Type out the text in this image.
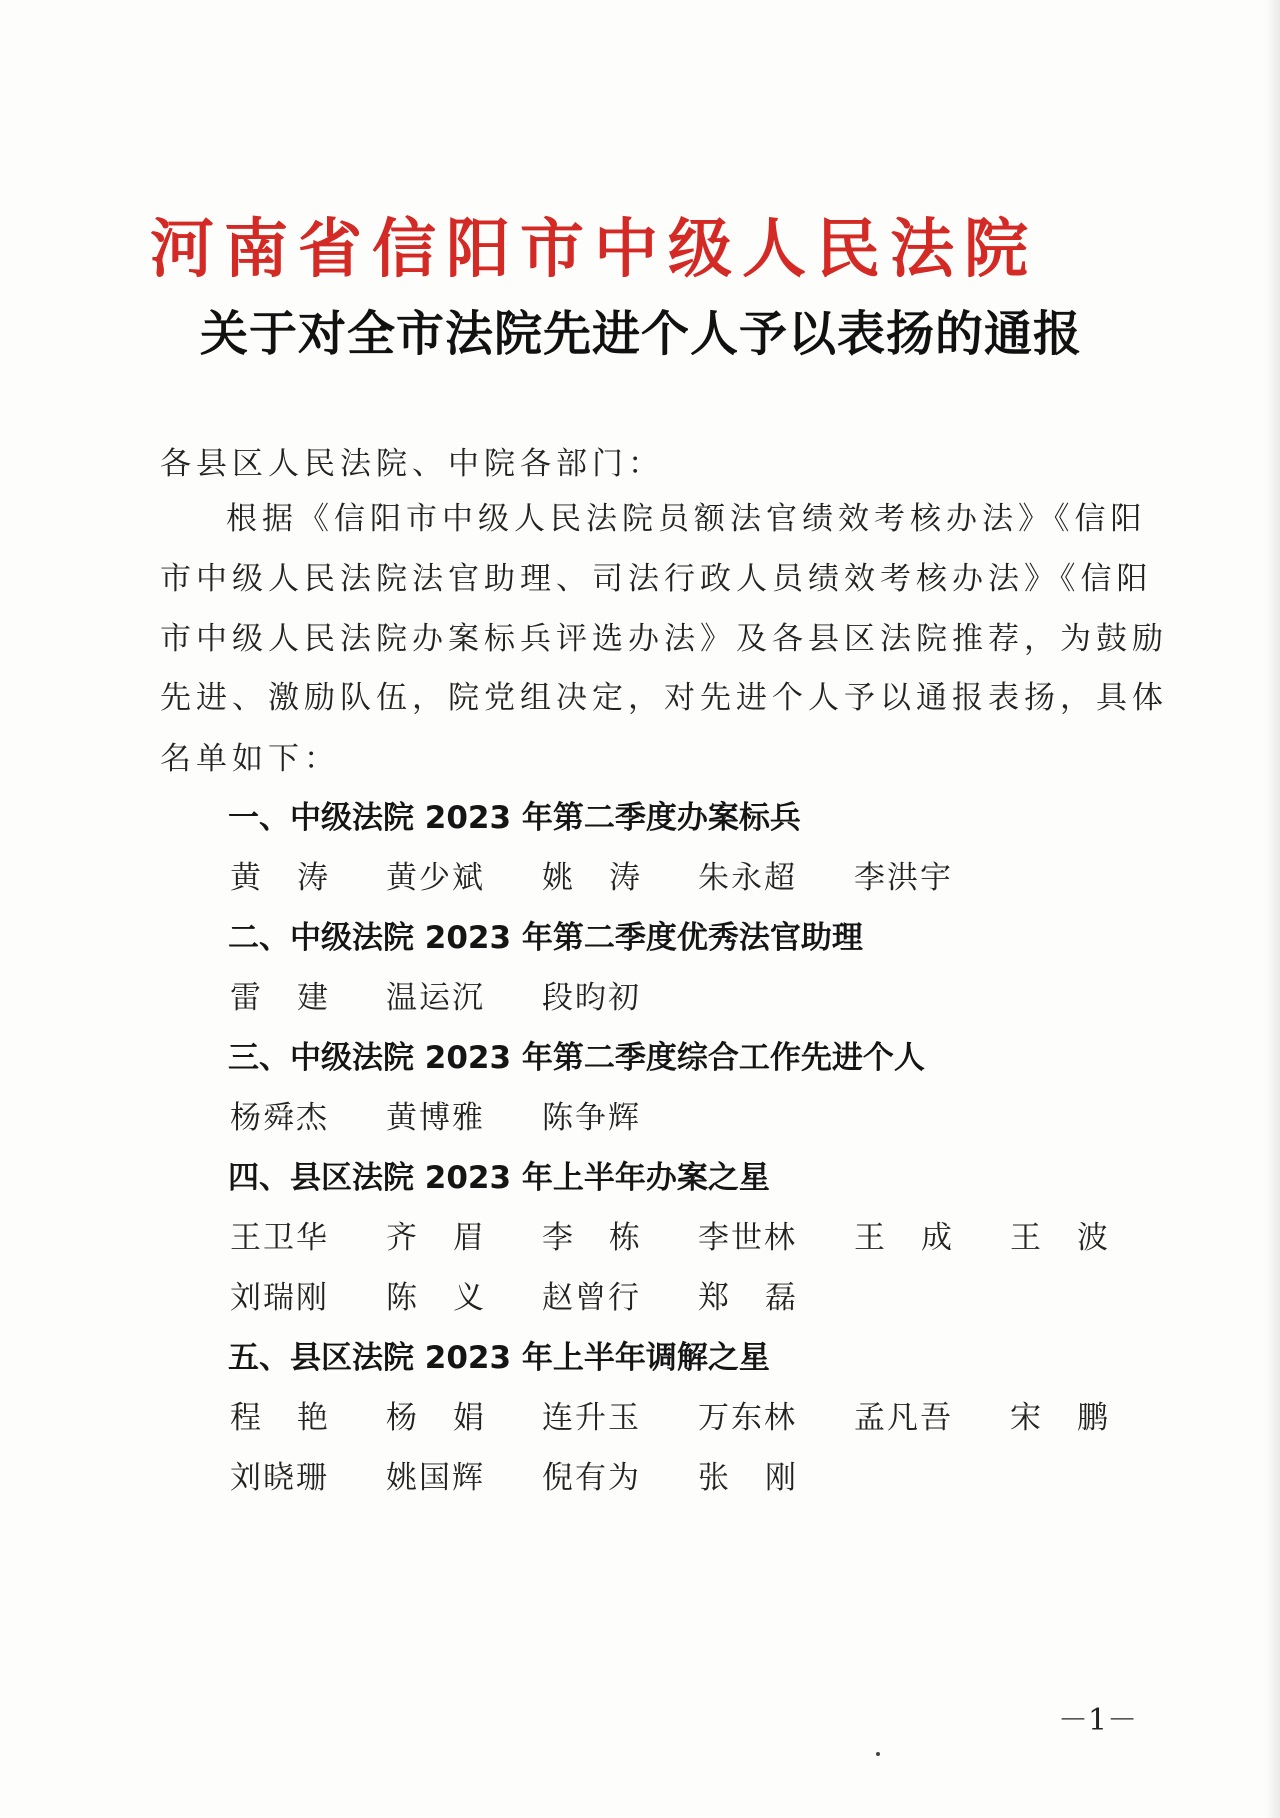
河南省信阳市中级人民法院
关于对全市法院先进个人予以表扬的通报
各县区人民法院、中院各部门：
根据《信阳市中级人民法院员额法官绩效考核办法》《信阳
市中级人民法院法官助理、司法行政人员绩效考核办法》《信阳
市中级人民法院办案标兵评选办法》及各县区法院推荐，为鼓励
先进、激励队伍，院党组决定，对先进个人予以通报表扬，具体
名单如下：
一、中级法院 2023 年第二季度办案标兵
黄涛 黄少斌 姚涛 朱永超 李洪宇
二、中级法院 2023 年第二季度优秀法官助理
雷建 温运沉 段昀初
三、中级法院 2023 年第二季度综合工作先进个人
杨舜杰 黄博雅 陈争辉
四、县区法院 2023 年上半年办案之星
王卫华 齐眉 李栋 李世林 王成 王波
刘瑞刚 陈义 赵曾行 郑磊
五、县区法院 2023 年上半年调解之星
程艳 杨娟 连升玉 万东林 孟凡吾 宋鹏
刘晓珊 姚国辉 倪有为 张刚
－1－
